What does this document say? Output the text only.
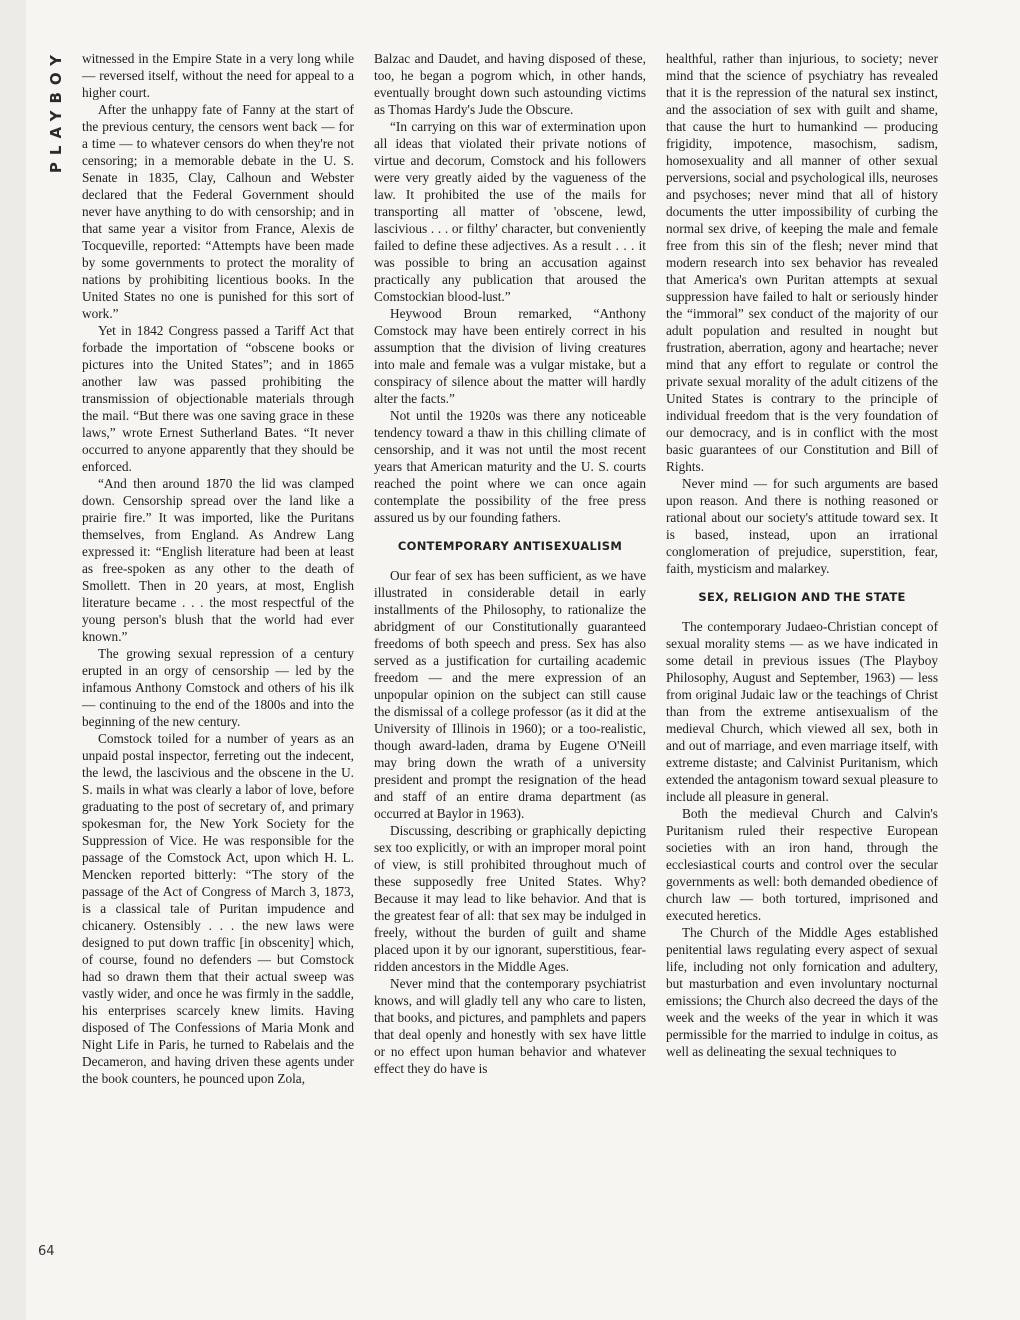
PLAYBOY
64

witnessed in the Empire State in a very long while — reversed itself, without the need for appeal to a higher court.

After the unhappy fate of Fanny at the start of the previous century, the censors went back — for a time — to whatever censors do when they're not censoring; in a memorable debate in the U. S. Senate in 1835, Clay, Calhoun and Webster declared that the Federal Government should never have anything to do with censorship; and in that same year a visitor from France, Alexis de Tocqueville, reported: “Attempts have been made by some governments to protect the morality of nations by prohibiting licentious books. In the United States no one is punished for this sort of work.”

Yet in 1842 Congress passed a Tariff Act that forbade the importation of “obscene books or pictures into the United States”; and in 1865 another law was passed prohibiting the transmission of objectionable materials through the mail. “But there was one saving grace in these laws,” wrote Ernest Sutherland Bates. “It never occurred to anyone apparently that they should be enforced.

“And then around 1870 the lid was clamped down. Censorship spread over the land like a prairie fire.” It was imported, like the Puritans themselves, from England. As Andrew Lang expressed it: “English literature had been at least as free-spoken as any other to the death of Smollett. Then in 20 years, at most, English literature became . . . the most respectful of the young person's blush that the world had ever known.”

The growing sexual repression of a century erupted in an orgy of censorship — led by the infamous Anthony Comstock and others of his ilk — continuing to the end of the 1800s and into the beginning of the new century.

Comstock toiled for a number of years as an unpaid postal inspector, ferreting out the indecent, the lewd, the lascivious and the obscene in the U. S. mails in what was clearly a labor of love, before graduating to the post of secretary of, and primary spokesman for, the New York Society for the Suppression of Vice. He was responsible for the passage of the Comstock Act, upon which H. L. Mencken reported bitterly: “The story of the passage of the Act of Congress of March 3, 1873, is a classical tale of Puritan impudence and chicanery. Ostensibly . . . the new laws were designed to put down traffic [in obscenity] which, of course, found no defenders — but Comstock had so drawn them that their actual sweep was vastly wider, and once he was firmly in the saddle, his enterprises scarcely knew limits. Having disposed of The Confessions of Maria Monk and Night Life in Paris, he turned to Rabelais and the Decameron, and having driven these agents under the book counters, he pounced upon Zola,

Balzac and Daudet, and having disposed of these, too, he began a pogrom which, in other hands, eventually brought down such astounding victims as Thomas Hardy's Jude the Obscure.

“In carrying on this war of extermination upon all ideas that violated their private notions of virtue and decorum, Comstock and his followers were very greatly aided by the vagueness of the law. It prohibited the use of the mails for transporting all matter of 'obscene, lewd, lascivious . . . or filthy' character, but conveniently failed to define these adjectives. As a result . . . it was possible to bring an accusation against practically any publication that aroused the Comstockian blood-lust.”

Heywood Broun remarked, “Anthony Comstock may have been entirely correct in his assumption that the division of living creatures into male and female was a vulgar mistake, but a conspiracy of silence about the matter will hardly alter the facts.”

Not until the 1920s was there any noticeable tendency toward a thaw in this chilling climate of censorship, and it was not until the most recent years that American maturity and the U. S. courts reached the point where we can once again contemplate the possibility of the free press assured us by our founding fathers.

CONTEMPORARY ANTISEXUALISM

Our fear of sex has been sufficient, as we have illustrated in considerable detail in early installments of the Philosophy, to rationalize the abridgment of our Constitutionally guaranteed freedoms of both speech and press. Sex has also served as a justification for curtailing academic freedom — and the mere expression of an unpopular opinion on the subject can still cause the dismissal of a college professor (as it did at the University of Illinois in 1960); or a too-realistic, though award-laden, drama by Eugene O'Neill may bring down the wrath of a university president and prompt the resignation of the head and staff of an entire drama department (as occurred at Baylor in 1963).

Discussing, describing or graphically depicting sex too explicitly, or with an improper moral point of view, is still prohibited throughout much of these supposedly free United States. Why? Because it may lead to like behavior. And that is the greatest fear of all: that sex may be indulged in freely, without the burden of guilt and shame placed upon it by our ignorant, superstitious, fear-ridden ancestors in the Middle Ages.

Never mind that the contemporary psychiatrist knows, and will gladly tell any who care to listen, that books, and pictures, and pamphlets and papers that deal openly and honestly with sex have little or no effect upon human behavior and whatever effect they do have is

healthful, rather than injurious, to society; never mind that the science of psychiatry has revealed that it is the repression of the natural sex instinct, and the association of sex with guilt and shame, that cause the hurt to humankind — producing frigidity, impotence, masochism, sadism, homosexuality and all manner of other sexual perversions, social and psychological ills, neuroses and psychoses; never mind that all of history documents the utter impossibility of curbing the normal sex drive, of keeping the male and female free from this sin of the flesh; never mind that modern research into sex behavior has revealed that America's own Puritan attempts at sexual suppression have failed to halt or seriously hinder the “immoral” sex conduct of the majority of our adult population and resulted in nought but frustration, aberration, agony and heartache; never mind that any effort to regulate or control the private sexual morality of the adult citizens of the United States is contrary to the principle of individual freedom that is the very foundation of our democracy, and is in conflict with the most basic guarantees of our Constitution and Bill of Rights.

Never mind — for such arguments are based upon reason. And there is nothing reasoned or rational about our society's attitude toward sex. It is based, instead, upon an irrational conglomeration of prejudice, superstition, fear, faith, mysticism and malarkey.

SEX, RELIGION AND THE STATE

The contemporary Judaeo-Christian concept of sexual morality stems — as we have indicated in some detail in previous issues (The Playboy Philosophy, August and September, 1963) — less from original Judaic law or the teachings of Christ than from the extreme antisexualism of the medieval Church, which viewed all sex, both in and out of marriage, and even marriage itself, with extreme distaste; and Calvinist Puritanism, which extended the antagonism toward sexual pleasure to include all pleasure in general.

Both the medieval Church and Calvin's Puritanism ruled their respective European societies with an iron hand, through the ecclesiastical courts and control over the secular governments as well: both demanded obedience of church law — both tortured, imprisoned and executed heretics.

The Church of the Middle Ages established penitential laws regulating every aspect of sexual life, including not only fornication and adultery, but masturbation and even involuntary nocturnal emissions; the Church also decreed the days of the week and the weeks of the year in which it was permissible for the married to indulge in coitus, as well as delineating the sexual techniques to
